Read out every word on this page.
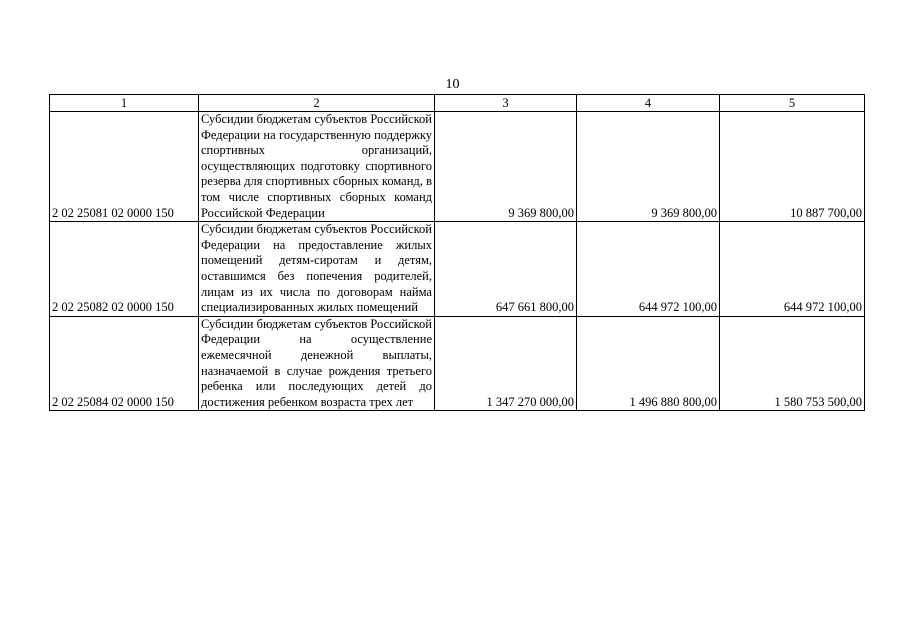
10
1	2	3	4	5
2 02 25081 02 0000 150	Субсидии бюджетам субъектов Российской Федерации на государственную поддержку спортивных организаций, осуществляющих подготовку спортивного резерва для спортивных сборных команд, в том числе спортивных сборных команд Российской Федерации	9 369 800,00	9 369 800,00	10 887 700,00
2 02 25082 02 0000 150	Субсидии бюджетам субъектов Российской Федерации на предоставление жилых помещений детям-сиротам и детям, оставшимся без попечения родителей, лицам из их числа по договорам найма специализированных жилых помещений	647 661 800,00	644 972 100,00	644 972 100,00
2 02 25084 02 0000 150	Субсидии бюджетам субъектов Российской Федерации на осуществление ежемесячной денежной выплаты, назначаемой в случае рождения третьего ребенка или последующих детей до достижения ребенком возраста трех лет	1 347 270 000,00	1 496 880 800,00	1 580 753 500,00
